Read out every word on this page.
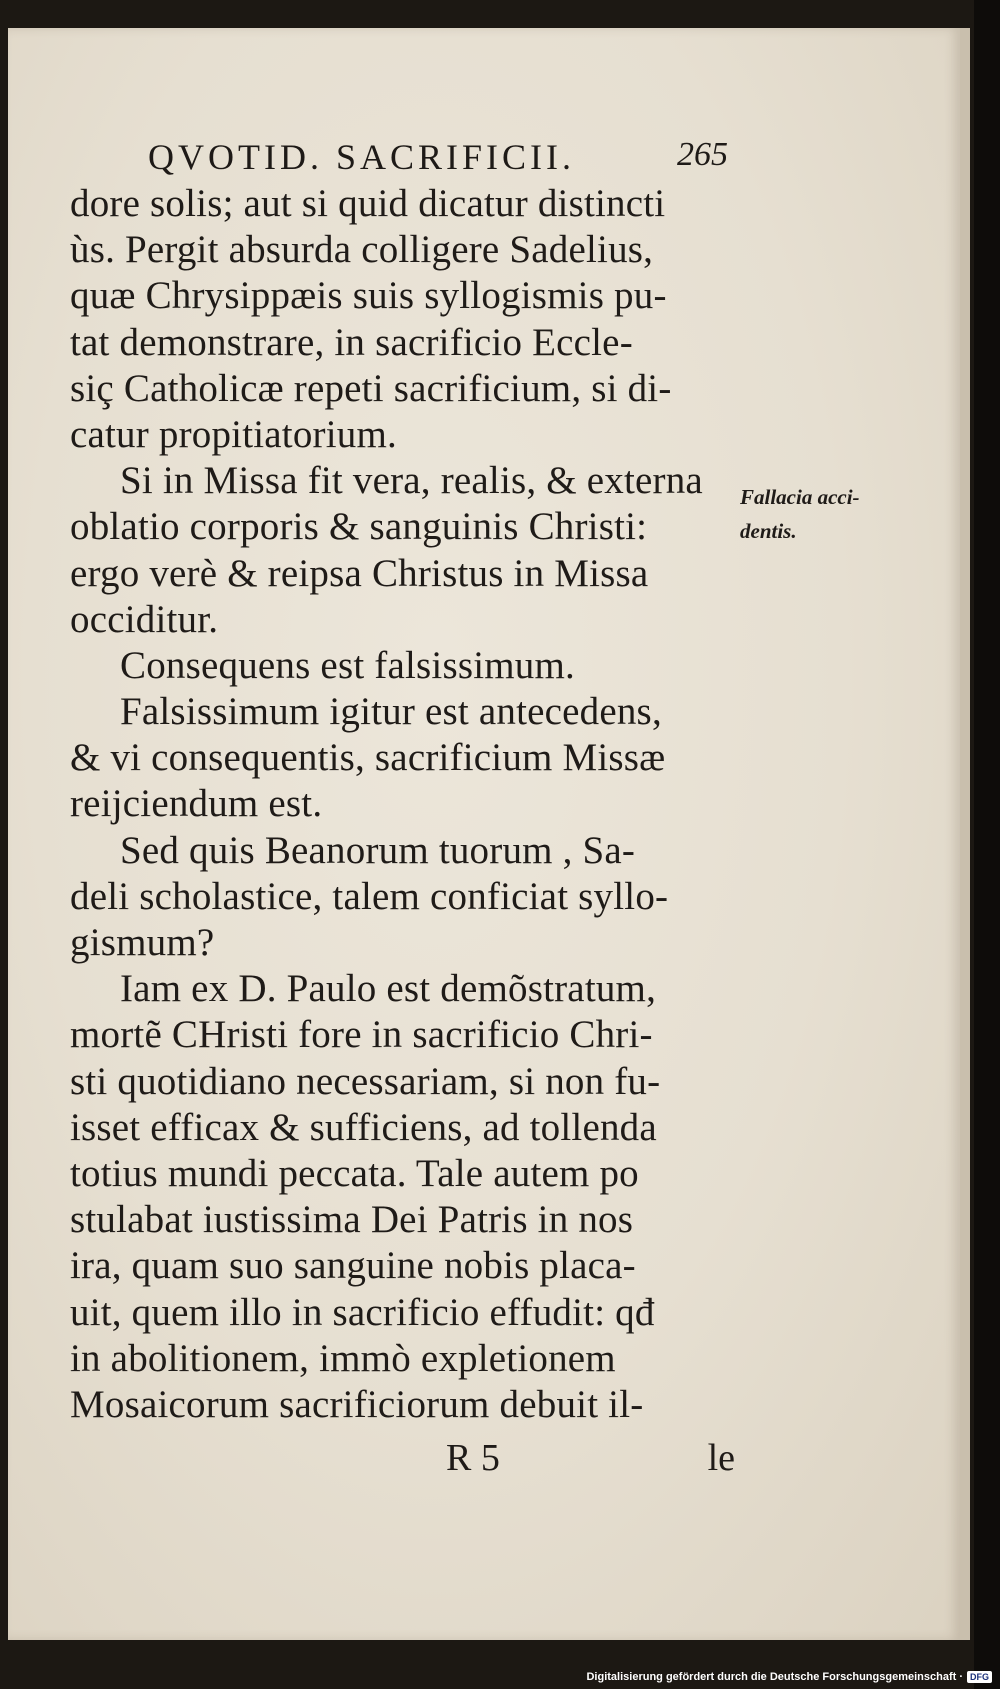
QVOTID. SACRIFICII.	265
dore solis; aut si quid dicatur distincti
ùs. Pergit absurda colligere Sadelius,
quæ Chrysippæis suis syllogismis pu-
tat demonstrare, in sacrificio Eccle-
siç Catholicæ repeti sacrificium, si di-
catur propitiatorium.
Si in Missa fit vera, realis, & externa
oblatio corporis & sanguinis Christi:
ergo verè & reipsa Christus in Missa
occiditur.
Consequens est falsissimum.
Falsissimum igitur est antecedens,
& vi consequentis, sacrificium Missæ
reijciendum est.
Sed quis Beanorum tuorum , Sa-
deli scholastice, talem conficiat syllo-
gismum?
Iam ex D. Paulo est demõstratum,
mortẽ CHristi fore in sacrificio Chri-
sti quotidiano necessariam, si non fu-
isset efficax & sufficiens, ad tollenda
totius mundi peccata. Tale autem po
stulabat iustissima Dei Patris in nos
ira, quam suo sanguine nobis placa-
uit, quem illo in sacrificio effudit: qđ
in abolitionem, immò expletionem
Mosaicorum sacrificiorum debuit il-
Fallacia acci-
dentis.
R 5	le
Digitalisierung gefördert durch die Deutsche Forschungsgemeinschaft · DFG
